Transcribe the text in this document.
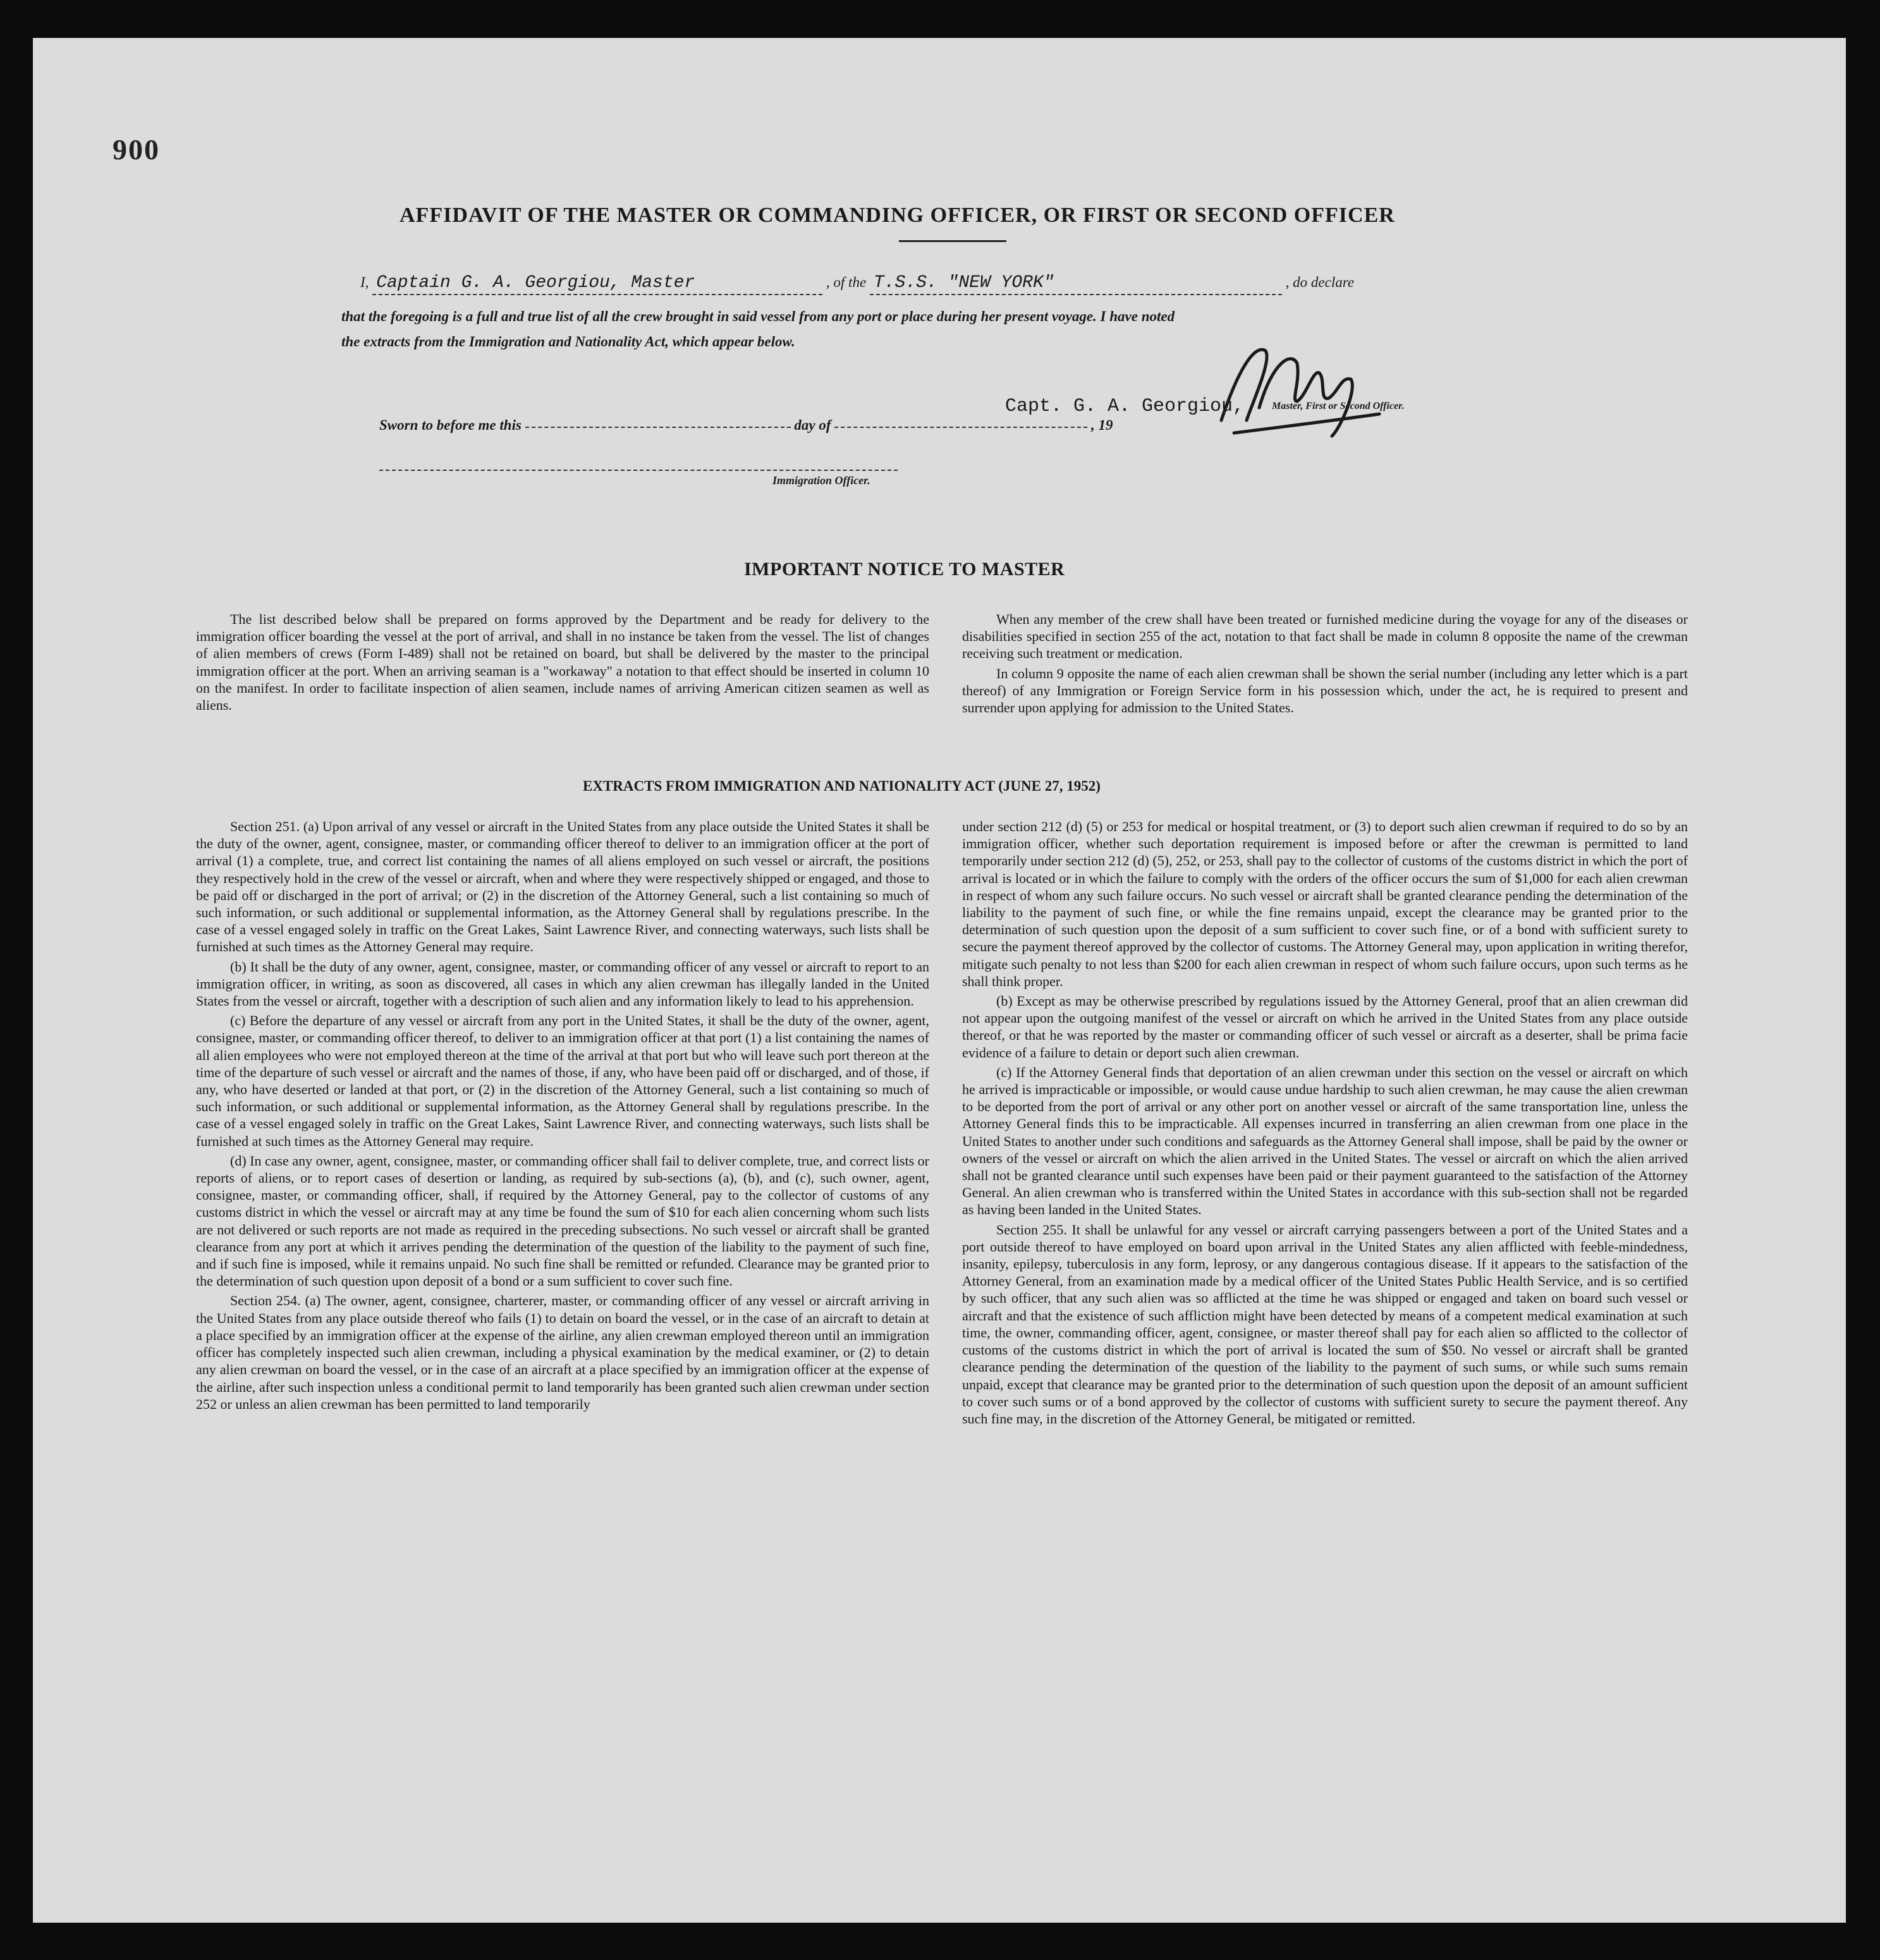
900
AFFIDAVIT OF THE MASTER OR COMMANDING OFFICER, OR FIRST OR SECOND OFFICER
I, Captain G. A. Georgiou, Master	, of the T.S.S. "NEW YORK"	, do declare
that the foregoing is a full and true list of all the crew brought in said vessel from any port or place during her present voyage. I have noted
the extracts from the Immigration and Nationality Act, which appear below.
Capt. G. A. Georgiou,	Master, First or Second Officer.
Sworn to before me this	day of	, 19
Immigration Officer.
IMPORTANT NOTICE TO MASTER

The list described below shall be prepared on forms approved by the Department and be ready for delivery to the immigration officer boarding the vessel at the port of arrival, and shall in no instance be taken from the vessel. The list of changes of alien members of crews (Form I-489) shall not be retained on board, but shall be delivered by the master to the principal immigration officer at the port. When an arriving seaman is a "workaway" a notation to that effect should be inserted in column 10 on the manifest. In order to facilitate inspection of alien seamen, include names of arriving American citizen seamen as well as aliens.

When any member of the crew shall have been treated or furnished medicine during the voyage for any of the diseases or disabilities specified in section 255 of the act, notation to that fact shall be made in column 8 opposite the name of the crewman receiving such treatment or medication.

In column 9 opposite the name of each alien crewman shall be shown the serial number (including any letter which is a part thereof) of any Immigration or Foreign Service form in his possession which, under the act, he is required to present and surrender upon applying for admission to the United States.

EXTRACTS FROM IMMIGRATION AND NATIONALITY ACT (JUNE 27, 1952)

Section 251. (a) Upon arrival of any vessel or aircraft in the United States from any place outside the United States it shall be the duty of the owner, agent, consignee, master, or commanding officer thereof to deliver to an immigration officer at the port of arrival (1) a complete, true, and correct list containing the names of all aliens employed on such vessel or aircraft, the positions they respectively hold in the crew of the vessel or aircraft, when and where they were respectively shipped or engaged, and those to be paid off or discharged in the port of arrival; or (2) in the discretion of the Attorney General, such a list containing so much of such information, or such additional or supplemental information, as the Attorney General shall by regulations prescribe. In the case of a vessel engaged solely in traffic on the Great Lakes, Saint Lawrence River, and connecting waterways, such lists shall be furnished at such times as the Attorney General may require.

(b) It shall be the duty of any owner, agent, consignee, master, or commanding officer of any vessel or aircraft to report to an immigration officer, in writing, as soon as discovered, all cases in which any alien crewman has illegally landed in the United States from the vessel or aircraft, together with a description of such alien and any information likely to lead to his apprehension.

(c) Before the departure of any vessel or aircraft from any port in the United States, it shall be the duty of the owner, agent, consignee, master, or commanding officer thereof, to deliver to an immigration officer at that port (1) a list containing the names of all alien employees who were not employed thereon at the time of the arrival at that port but who will leave such port thereon at the time of the departure of such vessel or aircraft and the names of those, if any, who have been paid off or discharged, and of those, if any, who have deserted or landed at that port, or (2) in the discretion of the Attorney General, such a list containing so much of such information, or such additional or supplemental information, as the Attorney General shall by regulations prescribe. In the case of a vessel engaged solely in traffic on the Great Lakes, Saint Lawrence River, and connecting waterways, such lists shall be furnished at such times as the Attorney General may require.

(d) In case any owner, agent, consignee, master, or commanding officer shall fail to deliver complete, true, and correct lists or reports of aliens, or to report cases of desertion or landing, as required by sub-sections (a), (b), and (c), such owner, agent, consignee, master, or commanding officer, shall, if required by the Attorney General, pay to the collector of customs of any customs district in which the vessel or aircraft may at any time be found the sum of $10 for each alien concerning whom such lists are not delivered or such reports are not made as required in the preceding subsections. No such vessel or aircraft shall be granted clearance from any port at which it arrives pending the determination of the question of the liability to the payment of such fine, and if such fine is imposed, while it remains unpaid. No such fine shall be remitted or refunded. Clearance may be granted prior to the determination of such question upon deposit of a bond or a sum sufficient to cover such fine.

Section 254. (a) The owner, agent, consignee, charterer, master, or commanding officer of any vessel or aircraft arriving in the United States from any place outside thereof who fails (1) to detain on board the vessel, or in the case of an aircraft to detain at a place specified by an immigration officer at the expense of the airline, any alien crewman employed thereon until an immigration officer has completely inspected such alien crewman, including a physical examination by the medical examiner, or (2) to detain any alien crewman on board the vessel, or in the case of an aircraft at a place specified by an immigration officer at the expense of the airline, after such inspection unless a conditional permit to land temporarily has been granted such alien crewman under section 252 or unless an alien crewman has been permitted to land temporarily

under section 212 (d) (5) or 253 for medical or hospital treatment, or (3) to deport such alien crewman if required to do so by an immigration officer, whether such deportation requirement is imposed before or after the crewman is permitted to land temporarily under section 212 (d) (5), 252, or 253, shall pay to the collector of customs of the customs district in which the port of arrival is located or in which the failure to comply with the orders of the officer occurs the sum of $1,000 for each alien crewman in respect of whom any such failure occurs. No such vessel or aircraft shall be granted clearance pending the determination of the liability to the payment of such fine, or while the fine remains unpaid, except the clearance may be granted prior to the determination of such question upon the deposit of a sum sufficient to cover such fine, or of a bond with sufficient surety to secure the payment thereof approved by the collector of customs. The Attorney General may, upon application in writing therefor, mitigate such penalty to not less than $200 for each alien crewman in respect of whom such failure occurs, upon such terms as he shall think proper.

(b) Except as may be otherwise prescribed by regulations issued by the Attorney General, proof that an alien crewman did not appear upon the outgoing manifest of the vessel or aircraft on which he arrived in the United States from any place outside thereof, or that he was reported by the master or commanding officer of such vessel or aircraft as a deserter, shall be prima facie evidence of a failure to detain or deport such alien crewman.

(c) If the Attorney General finds that deportation of an alien crewman under this section on the vessel or aircraft on which he arrived is impracticable or impossible, or would cause undue hardship to such alien crewman, he may cause the alien crewman to be deported from the port of arrival or any other port on another vessel or aircraft of the same transportation line, unless the Attorney General finds this to be impracticable. All expenses incurred in transferring an alien crewman from one place in the United States to another under such conditions and safeguards as the Attorney General shall impose, shall be paid by the owner or owners of the vessel or aircraft on which the alien arrived in the United States. The vessel or aircraft on which the alien arrived shall not be granted clearance until such expenses have been paid or their payment guaranteed to the satisfaction of the Attorney General. An alien crewman who is transferred within the United States in accordance with this sub-section shall not be regarded as having been landed in the United States.

Section 255. It shall be unlawful for any vessel or aircraft carrying passengers between a port of the United States and a port outside thereof to have employed on board upon arrival in the United States any alien afflicted with feeble-mindedness, insanity, epilepsy, tuberculosis in any form, leprosy, or any dangerous contagious disease. If it appears to the satisfaction of the Attorney General, from an examination made by a medical officer of the United States Public Health Service, and is so certified by such officer, that any such alien was so afflicted at the time he was shipped or engaged and taken on board such vessel or aircraft and that the existence of such affliction might have been detected by means of a competent medical examination at such time, the owner, commanding officer, agent, consignee, or master thereof shall pay for each alien so afflicted to the collector of customs of the customs district in which the port of arrival is located the sum of $50. No vessel or aircraft shall be granted clearance pending the determination of the question of the liability to the payment of such sums, or while such sums remain unpaid, except that clearance may be granted prior to the determination of such question upon the deposit of an amount sufficient to cover such sums or of a bond approved by the collector of customs with sufficient surety to secure the payment thereof. Any such fine may, in the discretion of the Attorney General, be mitigated or remitted.
